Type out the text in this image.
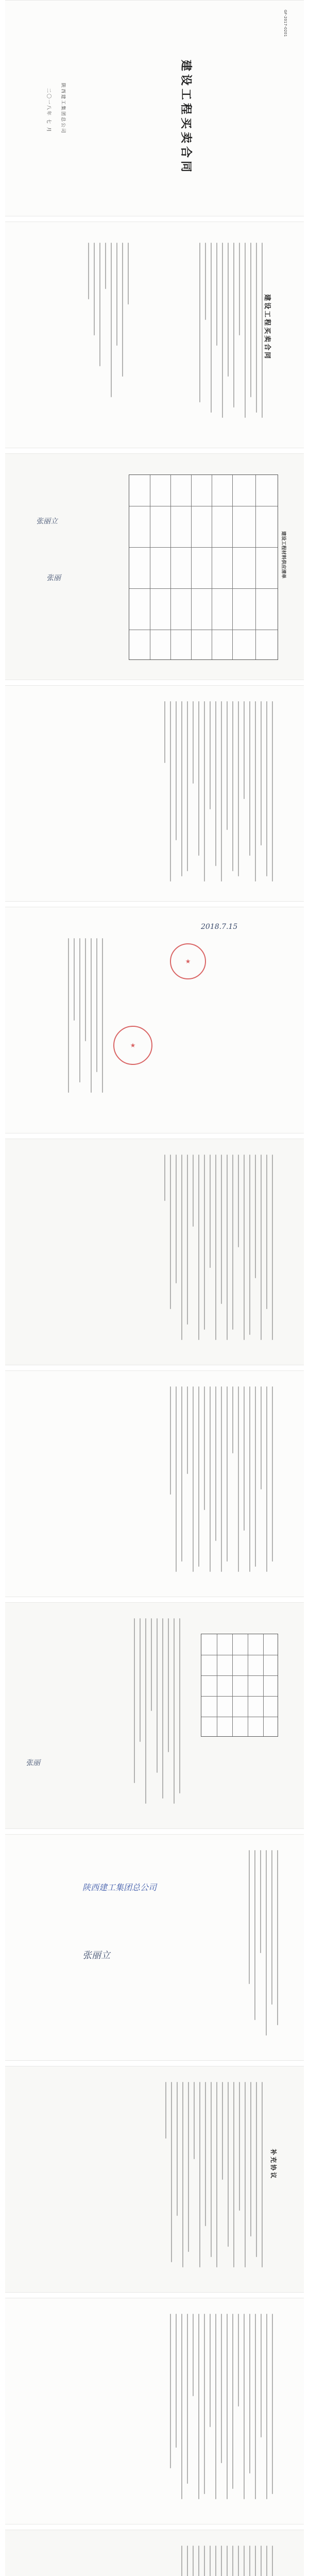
GF-2017-0201
建设工程买卖合同
陕西建工集团总公司
二〇一八年 七 月
建设工程买卖合同
建设工程材料供应清单
张丽立
张丽
2018.7.15
★
★
张丽
陕西建工集团总公司
张丽立
补充协议
